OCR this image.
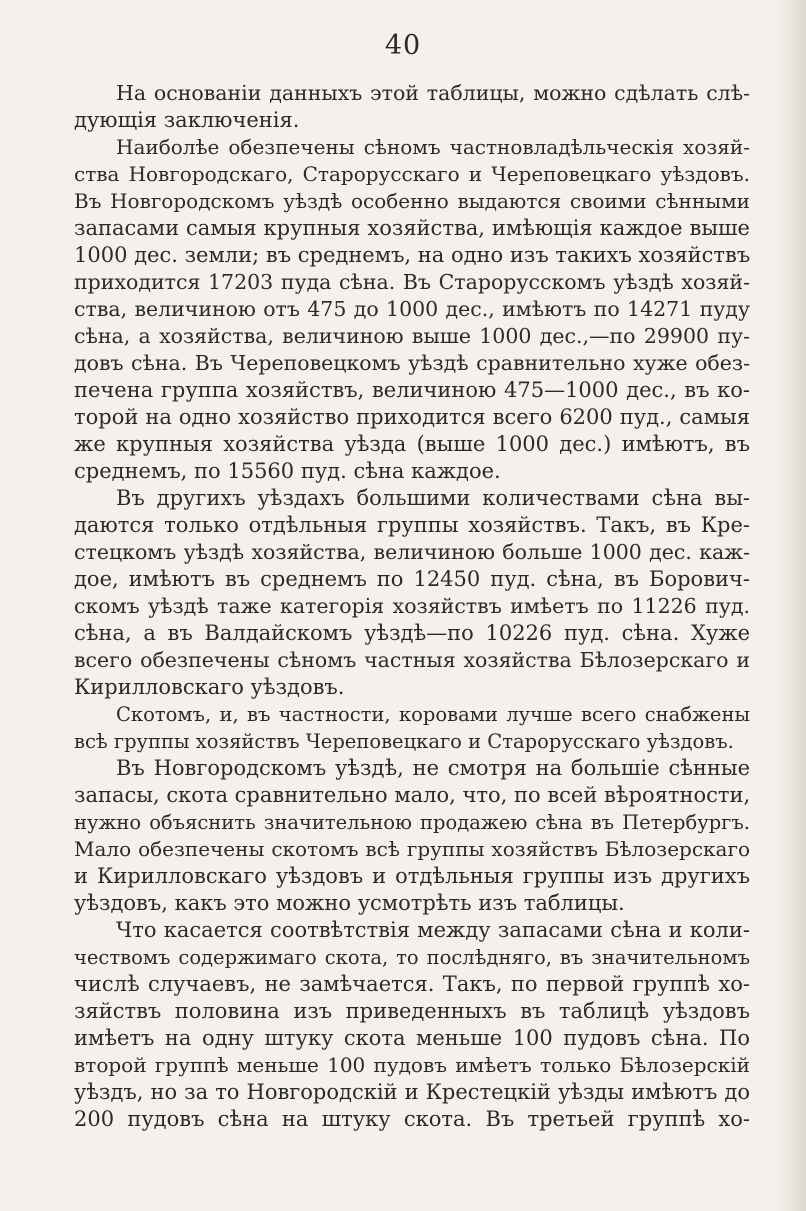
40
На основаніи данныхъ этой таблицы, можно сдѣлать слѣ-
дующія заключенія.
Наиболѣе обезпечены сѣномъ частновладѣльческія хозяй-
ства Новгородскаго, Старорусскаго и Череповецкаго уѣздовъ.
Въ Новгородскомъ уѣздѣ особенно выдаются своими сѣнными
запасами самыя крупныя хозяйства, имѣющія каждое выше
1000 дес. земли; въ среднемъ, на одно изъ такихъ хозяйствъ
приходится 17203 пуда сѣна. Въ Старорусскомъ уѣздѣ хозяй-
ства, величиною отъ 475 до 1000 дес., имѣютъ по 14271 пуду
сѣна, а хозяйства, величиною выше 1000 дес.,—по 29900 пу-
довъ сѣна. Въ Череповецкомъ уѣздѣ сравнительно хуже обез-
печена группа хозяйствъ, величиною 475—1000 дес., въ ко-
торой на одно хозяйство приходится всего 6200 пуд., самыя
же крупныя хозяйства уѣзда (выше 1000 дес.) имѣютъ, въ
среднемъ, по 15560 пуд. сѣна каждое.
Въ другихъ уѣздахъ большими количествами сѣна вы-
даются только отдѣльныя группы хозяйствъ. Такъ, въ Кре-
стецкомъ уѣздѣ хозяйства, величиною больше 1000 дес. каж-
дое, имѣютъ въ среднемъ по 12450 пуд. сѣна, въ Борович-
скомъ уѣздѣ таже категорія хозяйствъ имѣетъ по 11226 пуд.
сѣна, а въ Валдайскомъ уѣздѣ—по 10226 пуд. сѣна. Хуже
всего обезпечены сѣномъ частныя хозяйства Бѣлозерскаго и
Кирилловскаго уѣздовъ.
Скотомъ, и, въ частности, коровами лучше всего снабжены
всѣ группы хозяйствъ Череповецкаго и Старорусскаго уѣздовъ.
Въ Новгородскомъ уѣздѣ, не смотря на большіе сѣнные
запасы, скота сравнительно мало, что, по всей вѣроятности,
нужно объяснить значительною продажею сѣна въ Петербургъ.
Мало обезпечены скотомъ всѣ группы хозяйствъ Бѣлозерскаго
и Кирилловскаго уѣздовъ и отдѣльныя группы изъ другихъ
уѣздовъ, какъ это можно усмотрѣть изъ таблицы.
Что касается соотвѣтствія между запасами сѣна и коли-
чествомъ содержимаго скота, то послѣдняго, въ значительномъ
числѣ случаевъ, не замѣчается. Такъ, по первой группѣ хо-
зяйствъ половина изъ приведенныхъ въ таблицѣ уѣздовъ
имѣетъ на одну штуку скота меньше 100 пудовъ сѣна. По
второй группѣ меньше 100 пудовъ имѣетъ только Бѣлозерскій
уѣздъ, но за то Новгородскій и Крестецкій уѣзды имѣютъ до
200 пудовъ сѣна на штуку скота. Въ третьей группѣ хо-
